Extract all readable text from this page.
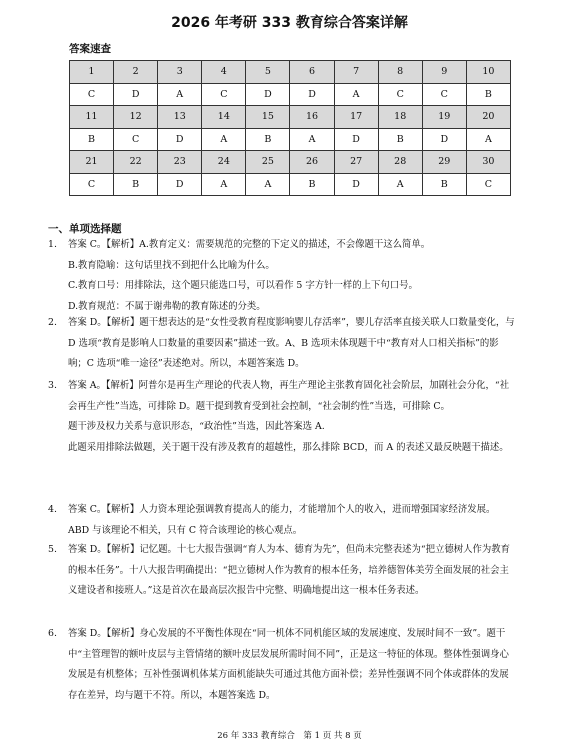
2026 年考研 333 教育综合答案详解
答案速查
1	2	3	4	5	6	7	8	9	10
C	D	A	C	D	D	A	C	C	B
11	12	13	14	15	16	17	18	19	20
B	C	D	A	B	A	D	B	D	A
21	22	23	24	25	26	27	28	29	30
C	B	D	A	A	B	D	A	B	C
一、单项选择题
1. 答案 C。【解析】A.教育定义：需要规范的完整的下定义的描述，不会像题干这么简单。

B.教育隐喻：这句话里找不到把什么比喻为什么。

C.教育口号：用排除法，这个题只能选口号，可以看作 5 字方针一样的上下句口号。

D.教育规范：不属于谢弗勒的教育陈述的分类。

2. 答案 D。【解析】题干想表达的是“女性受教育程度影响婴儿存活率”，婴儿存活率直接关联人口数量变化，与 D 选项“教育是影响人口数量的重要因素”描述一致。A、B 选项未体现题干中“教育对人口相关指标”的影响；C 选项“唯一途径”表述绝对。所以，本题答案选 D。

3. 答案 A。【解析】阿普尔是再生产理论的代表人物，再生产理论主张教育固化社会阶层，加剧社会分化，“社会再生产性”当选，可排除 D。题干提到教育受到社会控制，“社会制约性”当选，可排除 C。

题干涉及权力关系与意识形态，“政治性”当选，因此答案选 A.

此题采用排除法做题，关于题干没有涉及教育的超越性，那么排除 BCD，而 A 的表述又最反映题干描述。

4. 答案 C。【解析】人力资本理论强调教育提高人的能力，才能增加个人的收入，进而增强国家经济发展。ABD 与该理论不相关，只有 C 符合该理论的核心观点。

5. 答案 D。【解析】记忆题。十七大报告强调“育人为本、德育为先”，但尚未完整表述为“把立德树人作为教育的根本任务”。十八大报告明确提出：“把立德树人作为教育的根本任务，培养德智体美劳全面发展的社会主义建设者和接班人。”这是首次在最高层次报告中完整、明确地提出这一根本任务表述。

6. 答案 D。【解析】身心发展的不平衡性体现在“同一机体不同机能区域的发展速度、发展时间不一致”。题干中“主管理智的额叶皮层与主管情绪的额叶皮层发展所需时间不同”，正是这一特征的体现。整体性强调身心发展是有机整体；互补性强调机体某方面机能缺失可通过其他方面补偿；差异性强调不同个体或群体的发展存在差异，均与题干不符。所以，本题答案选 D。

26 年 333 教育综合　第 1 页 共 8 页
